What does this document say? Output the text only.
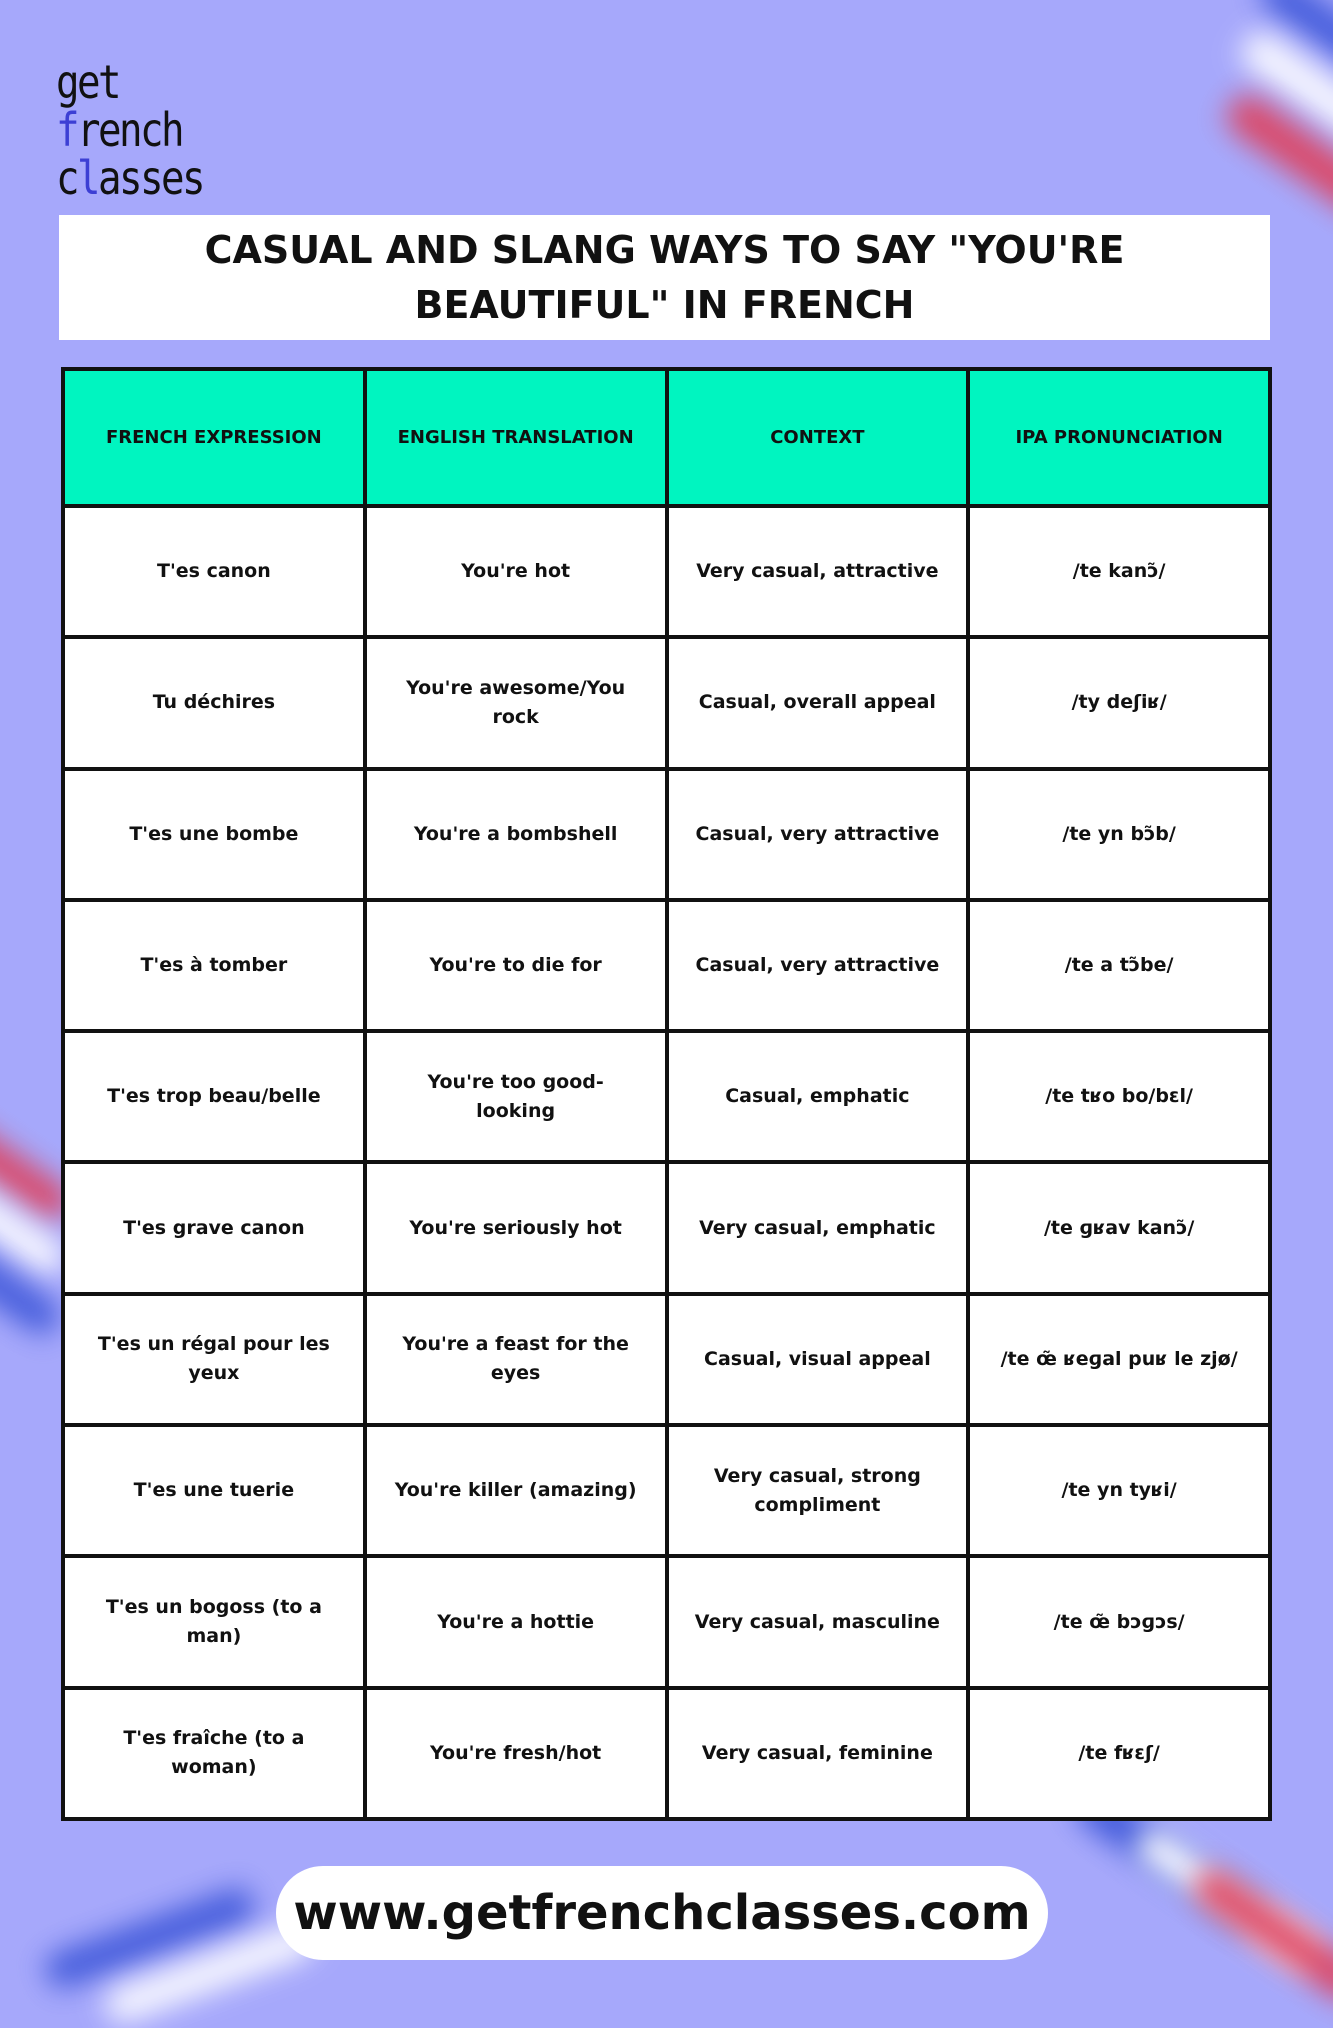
get
french
classes
CASUAL AND SLANG WAYS TO SAY "YOU'RE BEAUTIFUL" IN FRENCH
FRENCH EXPRESSION	ENGLISH TRANSLATION	CONTEXT	IPA PRONUNCIATION
T'es canon	You're hot	Very casual, attractive	/te kanɔ̃/
Tu déchires	You're awesome/You rock	Casual, overall appeal	/ty deʃiʁ/
T'es une bombe	You're a bombshell	Casual, very attractive	/te yn bɔ̃b/
T'es à tomber	You're to die for	Casual, very attractive	/te a tɔ̃be/
T'es trop beau/belle	You're too good-looking	Casual, emphatic	/te tʁo bo/bɛl/
T'es grave canon	You're seriously hot	Very casual, emphatic	/te ɡʁav kanɔ̃/
T'es un régal pour les yeux	You're a feast for the eyes	Casual, visual appeal	/te œ̃ ʁeɡal puʁ le zjø/
T'es une tuerie	You're killer (amazing)	Very casual, strong compliment	/te yn tyʁi/
T'es un bogoss (to a man)	You're a hottie	Very casual, masculine	/te œ̃ bɔɡɔs/
T'es fraîche (to a woman)	You're fresh/hot	Very casual, feminine	/te fʁɛʃ/
www.getfrenchclasses.com
